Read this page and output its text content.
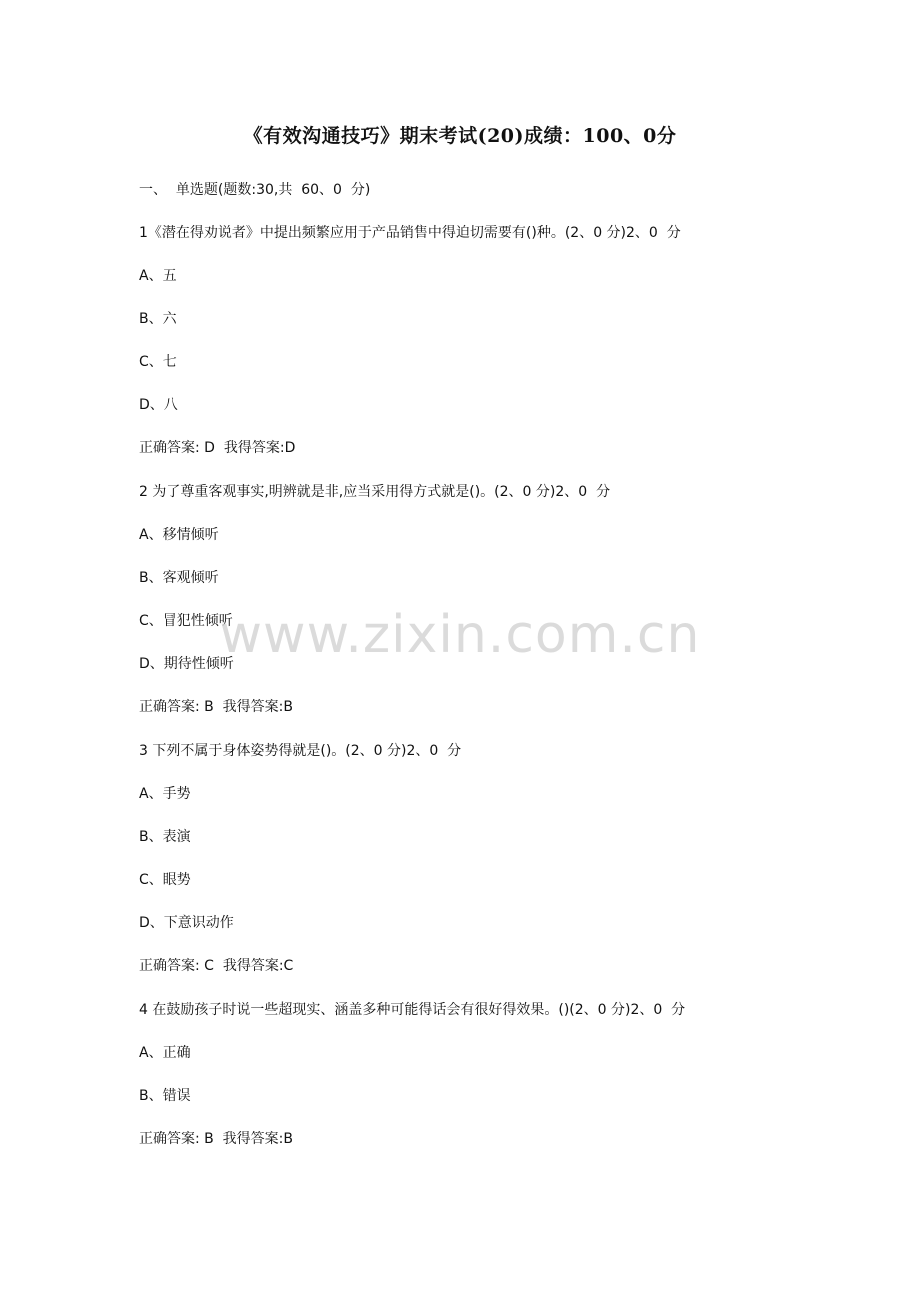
《有效沟通技巧》期末考试(20)成绩：100、0分
一、  单选题(题数:30,共  60、0  分)
1《潜在得劝说者》中提出频繁应用于产品销售中得迫切需要有()种。(2、0 分)2、0  分
A、五
B、六
C、七
D、八
正确答案: D  我得答案:D
2 为了尊重客观事实,明辨就是非,应当采用得方式就是()。(2、0 分)2、0  分
A、移情倾听
B、客观倾听
C、冒犯性倾听
D、期待性倾听
正确答案: B  我得答案:B
3 下列不属于身体姿势得就是()。(2、0 分)2、0  分
A、手势
B、表演
C、眼势
D、下意识动作
正确答案: C  我得答案:C
4 在鼓励孩子时说一些超现实、涵盖多种可能得话会有很好得效果。()(2、0 分)2、0  分
A、正确
B、错误
正确答案: B  我得答案:B
www.zixin.com.cn
